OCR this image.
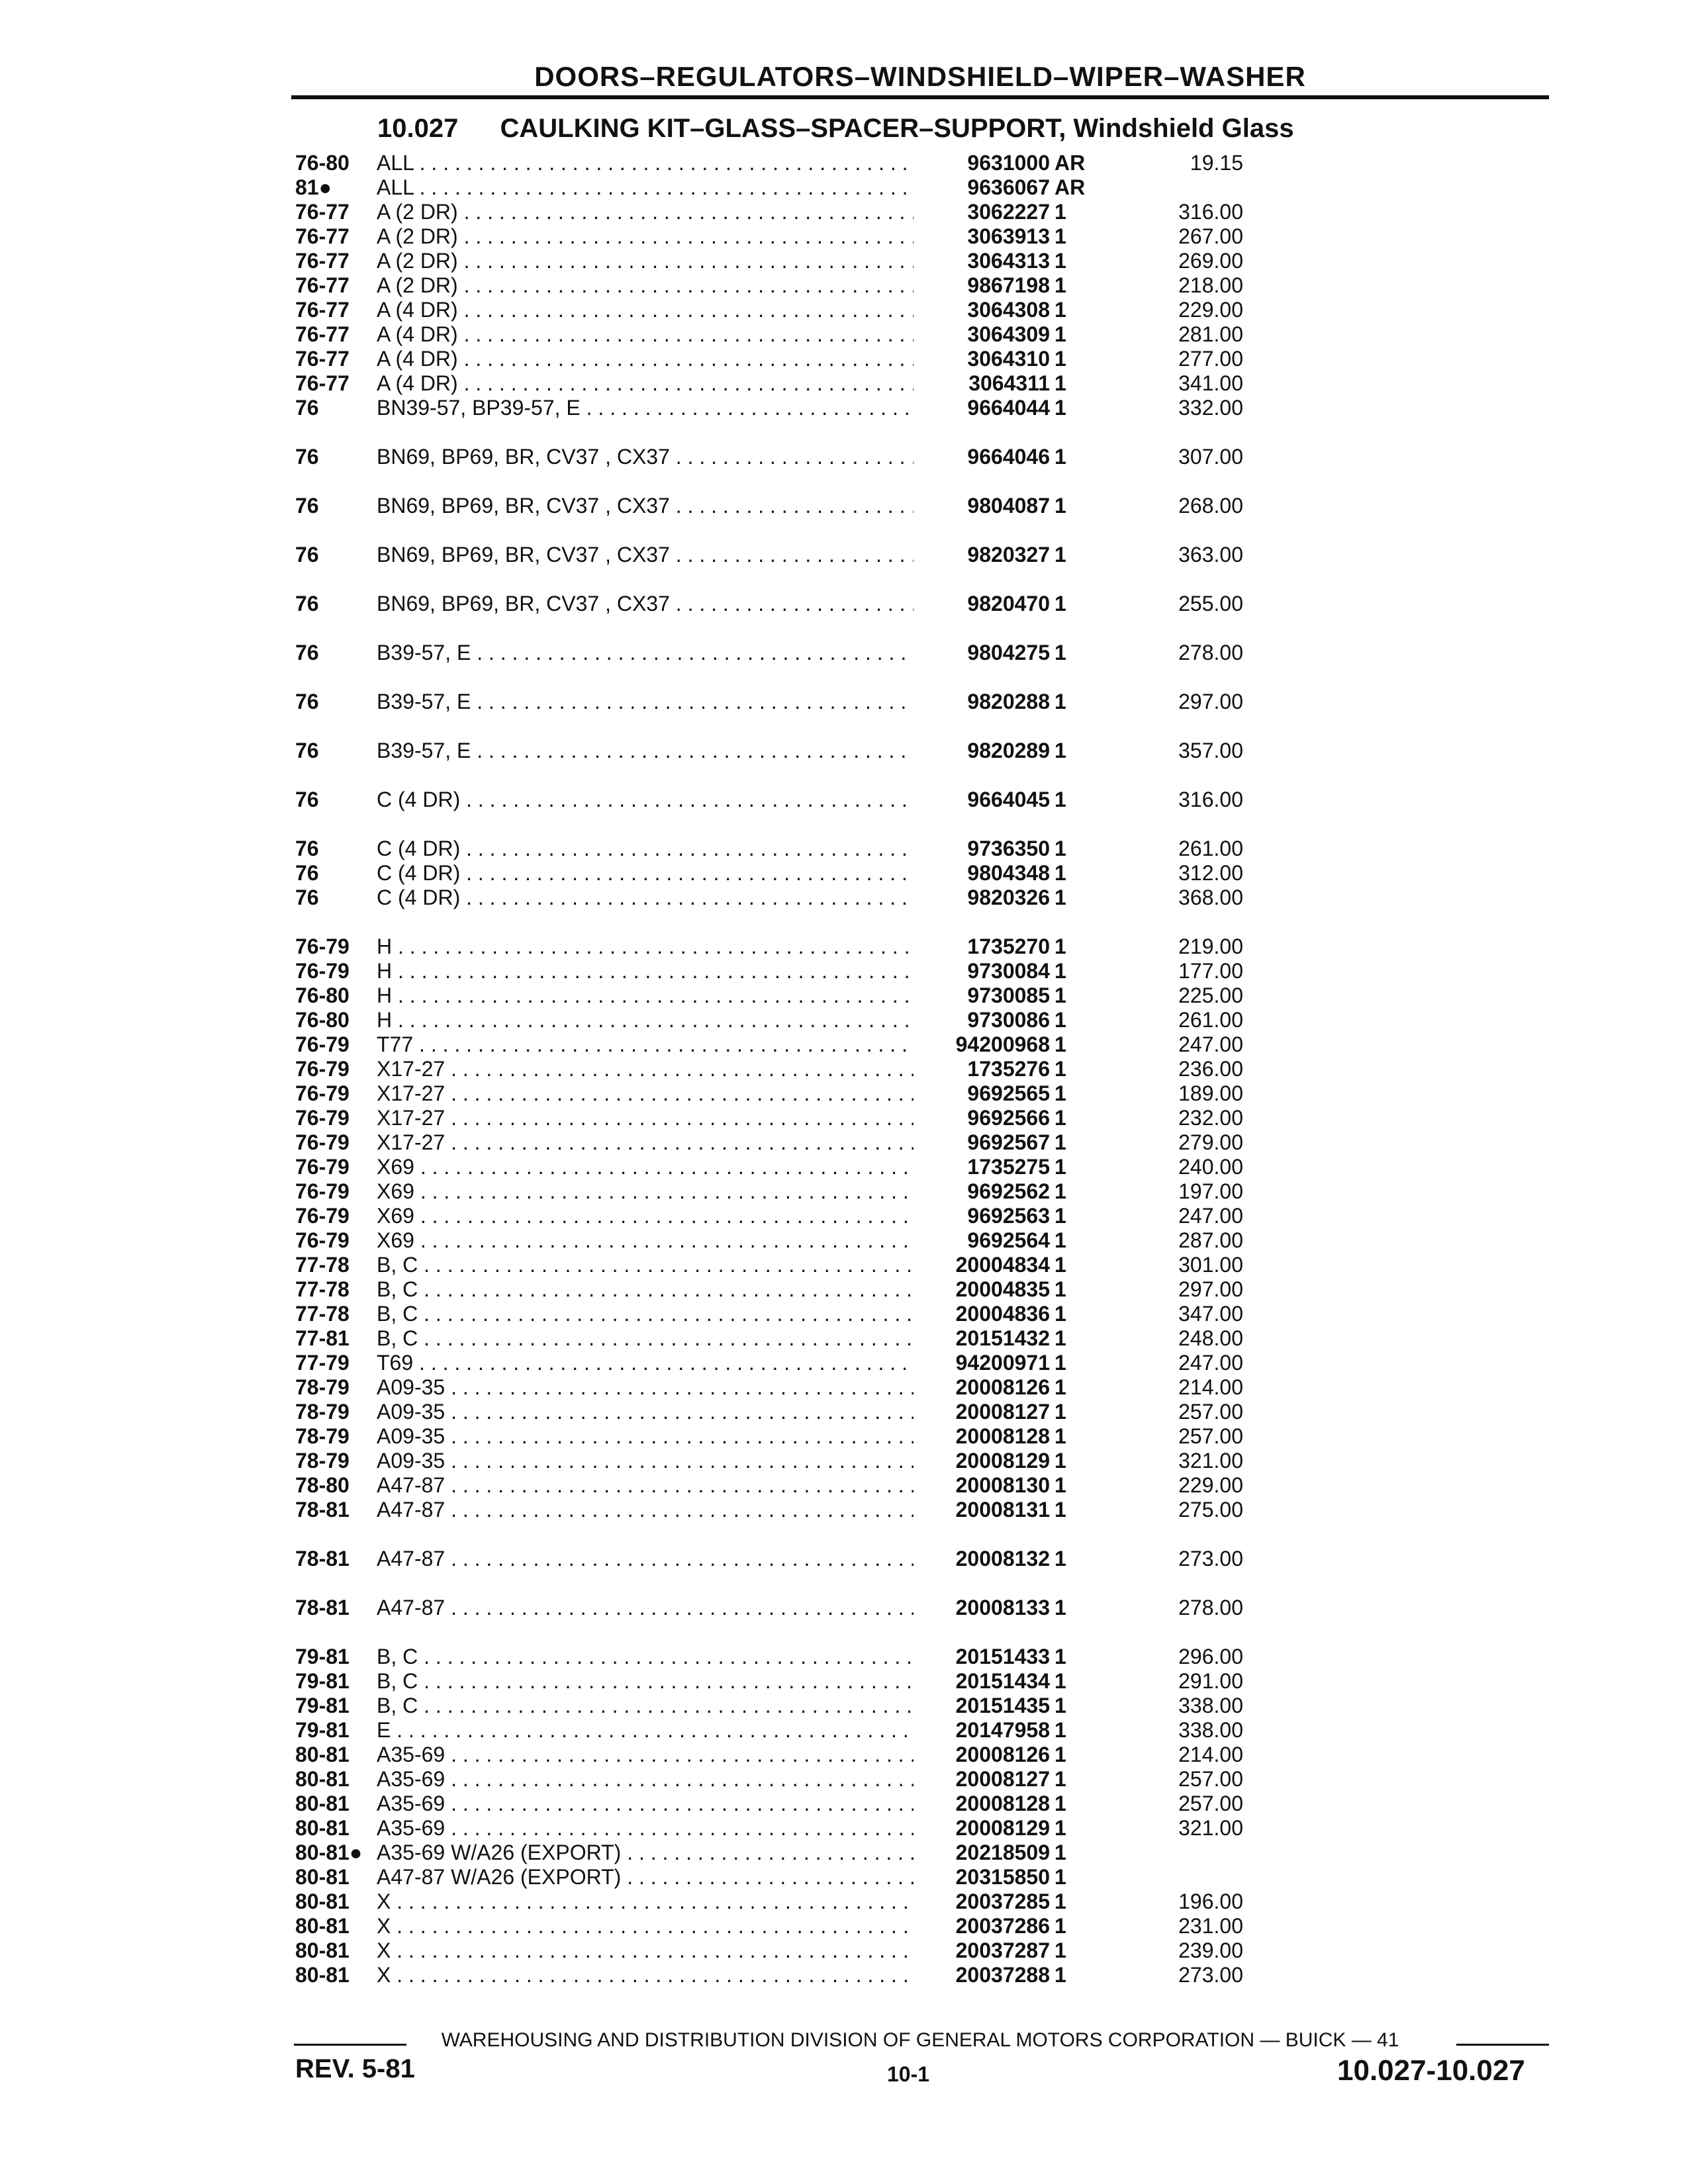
DOORS–REGULATORS–WINDSHIELD–WIPER–WASHER
10.027 CAULKING KIT–GLASS–SPACER–SUPPORT, Windshield Glass
76-80	ALL . . .	9631000 AR	19.15
81●	ALL . . .	9636067 AR
76-77	A (2 DR) . . .	3062227 1	316.00
76-77	A (2 DR) . . .	3063913 1	267.00
76-77	A (2 DR) . . .	3064313 1	269.00
76-77	A (2 DR) . . .	9867198 1	218.00
76-77	A (4 DR) . . .	3064308 1	229.00
76-77	A (4 DR) . . .	3064309 1	281.00
76-77	A (4 DR) . . .	3064310 1	277.00
76-77	A (4 DR) . . .	3064311 1	341.00
76	BN39-57, BP39-57, E . . .	9664044 1	332.00
76	BN69, BP69, BR, CV37 , CX37 . . .	9664046 1	307.00
76	BN69, BP69, BR, CV37 , CX37 . . .	9804087 1	268.00
76	BN69, BP69, BR, CV37 , CX37 . . .	9820327 1	363.00
76	BN69, BP69, BR, CV37 , CX37 . . .	9820470 1	255.00
76	B39-57, E . . .	9804275 1	278.00
76	B39-57, E . . .	9820288 1	297.00
76	B39-57, E . . .	9820289 1	357.00
76	C (4 DR) . . .	9664045 1	316.00
76	C (4 DR) . . .	9736350 1	261.00
76	C (4 DR) . . .	9804348 1	312.00
76	C (4 DR) . . .	9820326 1	368.00
76-79	H . . .	1735270 1	219.00
76-79	H . . .	9730084 1	177.00
76-80	H . . .	9730085 1	225.00
76-80	H . . .	9730086 1	261.00
76-79	T77 . . .	94200968 1	247.00
76-79	X17-27 . . .	1735276 1	236.00
76-79	X17-27 . . .	9692565 1	189.00
76-79	X17-27 . . .	9692566 1	232.00
76-79	X17-27 . . .	9692567 1	279.00
76-79	X69 . . .	1735275 1	240.00
76-79	X69 . . .	9692562 1	197.00
76-79	X69 . . .	9692563 1	247.00
76-79	X69 . . .	9692564 1	287.00
77-78	B, C . . .	20004834 1	301.00
77-78	B, C . . .	20004835 1	297.00
77-78	B, C . . .	20004836 1	347.00
77-81	B, C . . .	20151432 1	248.00
77-79	T69 . . .	94200971 1	247.00
78-79	A09-35 . . .	20008126 1	214.00
78-79	A09-35 . . .	20008127 1	257.00
78-79	A09-35 . . .	20008128 1	257.00
78-79	A09-35 . . .	20008129 1	321.00
78-80	A47-87 . . .	20008130 1	229.00
78-81	A47-87 . . .	20008131 1	275.00
78-81	A47-87 . . .	20008132 1	273.00
78-81	A47-87 . . .	20008133 1	278.00
79-81	B, C . . .	20151433 1	296.00
79-81	B, C . . .	20151434 1	291.00
79-81	B, C . . .	20151435 1	338.00
79-81	E . . .	20147958 1	338.00
80-81	A35-69 . . .	20008126 1	214.00
80-81	A35-69 . . .	20008127 1	257.00
80-81	A35-69 . . .	20008128 1	257.00
80-81	A35-69 . . .	20008129 1	321.00
80-81● A35-69 W/A26 (EXPORT) . . .	20218509 1
80-81	A47-87 W/A26 (EXPORT) . . .	20315850 1
80-81	X . . .	20037285 1	196.00
80-81	X . . .	20037286 1	231.00
80-81	X . . .	20037287 1	239.00
80-81	X . . .	20037288 1	273.00
WAREHOUSING AND DISTRIBUTION DIVISION OF GENERAL MOTORS CORPORATION — BUICK — 41
REV. 5-81	10-1	10.027-10.027
